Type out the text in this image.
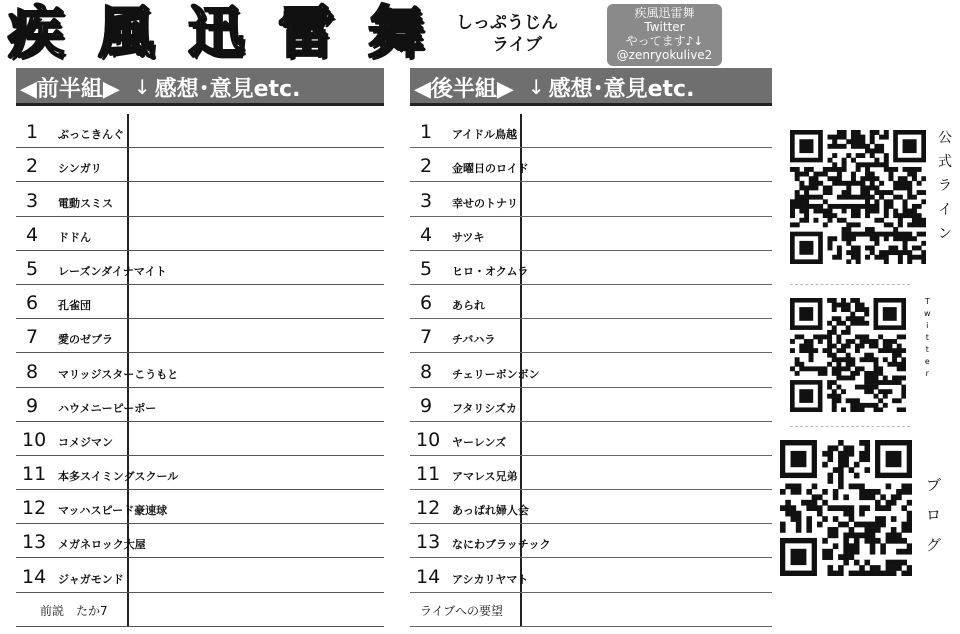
疾 風 迅 雷 舞 しっぷうじん
ライブ
疾風迅雷舞
Twitter
やってます♪↓
@zenryokulive2
◀前半組▶ ↓ 感想･意見etc.
1	ぶっこきんぐ
2	シンガリ
3	電動スミス
4	ドドん
5	レーズンダイナマイト
6	孔雀団
7	愛のゼブラ
8	マリッジスターこうもと
9	ハウメニーピーポー
10	コメジマン
11	本多スイミングスクール
12	マッハスピード豪速球
13	メガネロック大屋
14	ジャガモンド
前説　たか7
◀後半組▶ ↓ 感想･意見etc.
1	アイドル鳥越
2	金曜日のロイド
3	幸せのトナリ
4	サツキ
5	ヒロ・オクムラ
6	あられ
7	チバハラ
8	チェリーボンボン
9	フタリシズカ
10	ヤーレンズ
11	アマレス兄弟
12	あっぱれ婦人会
13	なにわブラッチック
14	アシカリヤマト
ライブへの要望
公
式
ラ
イ
ン
T
w
i
t
t
e
r
ブ
ロ
グ
